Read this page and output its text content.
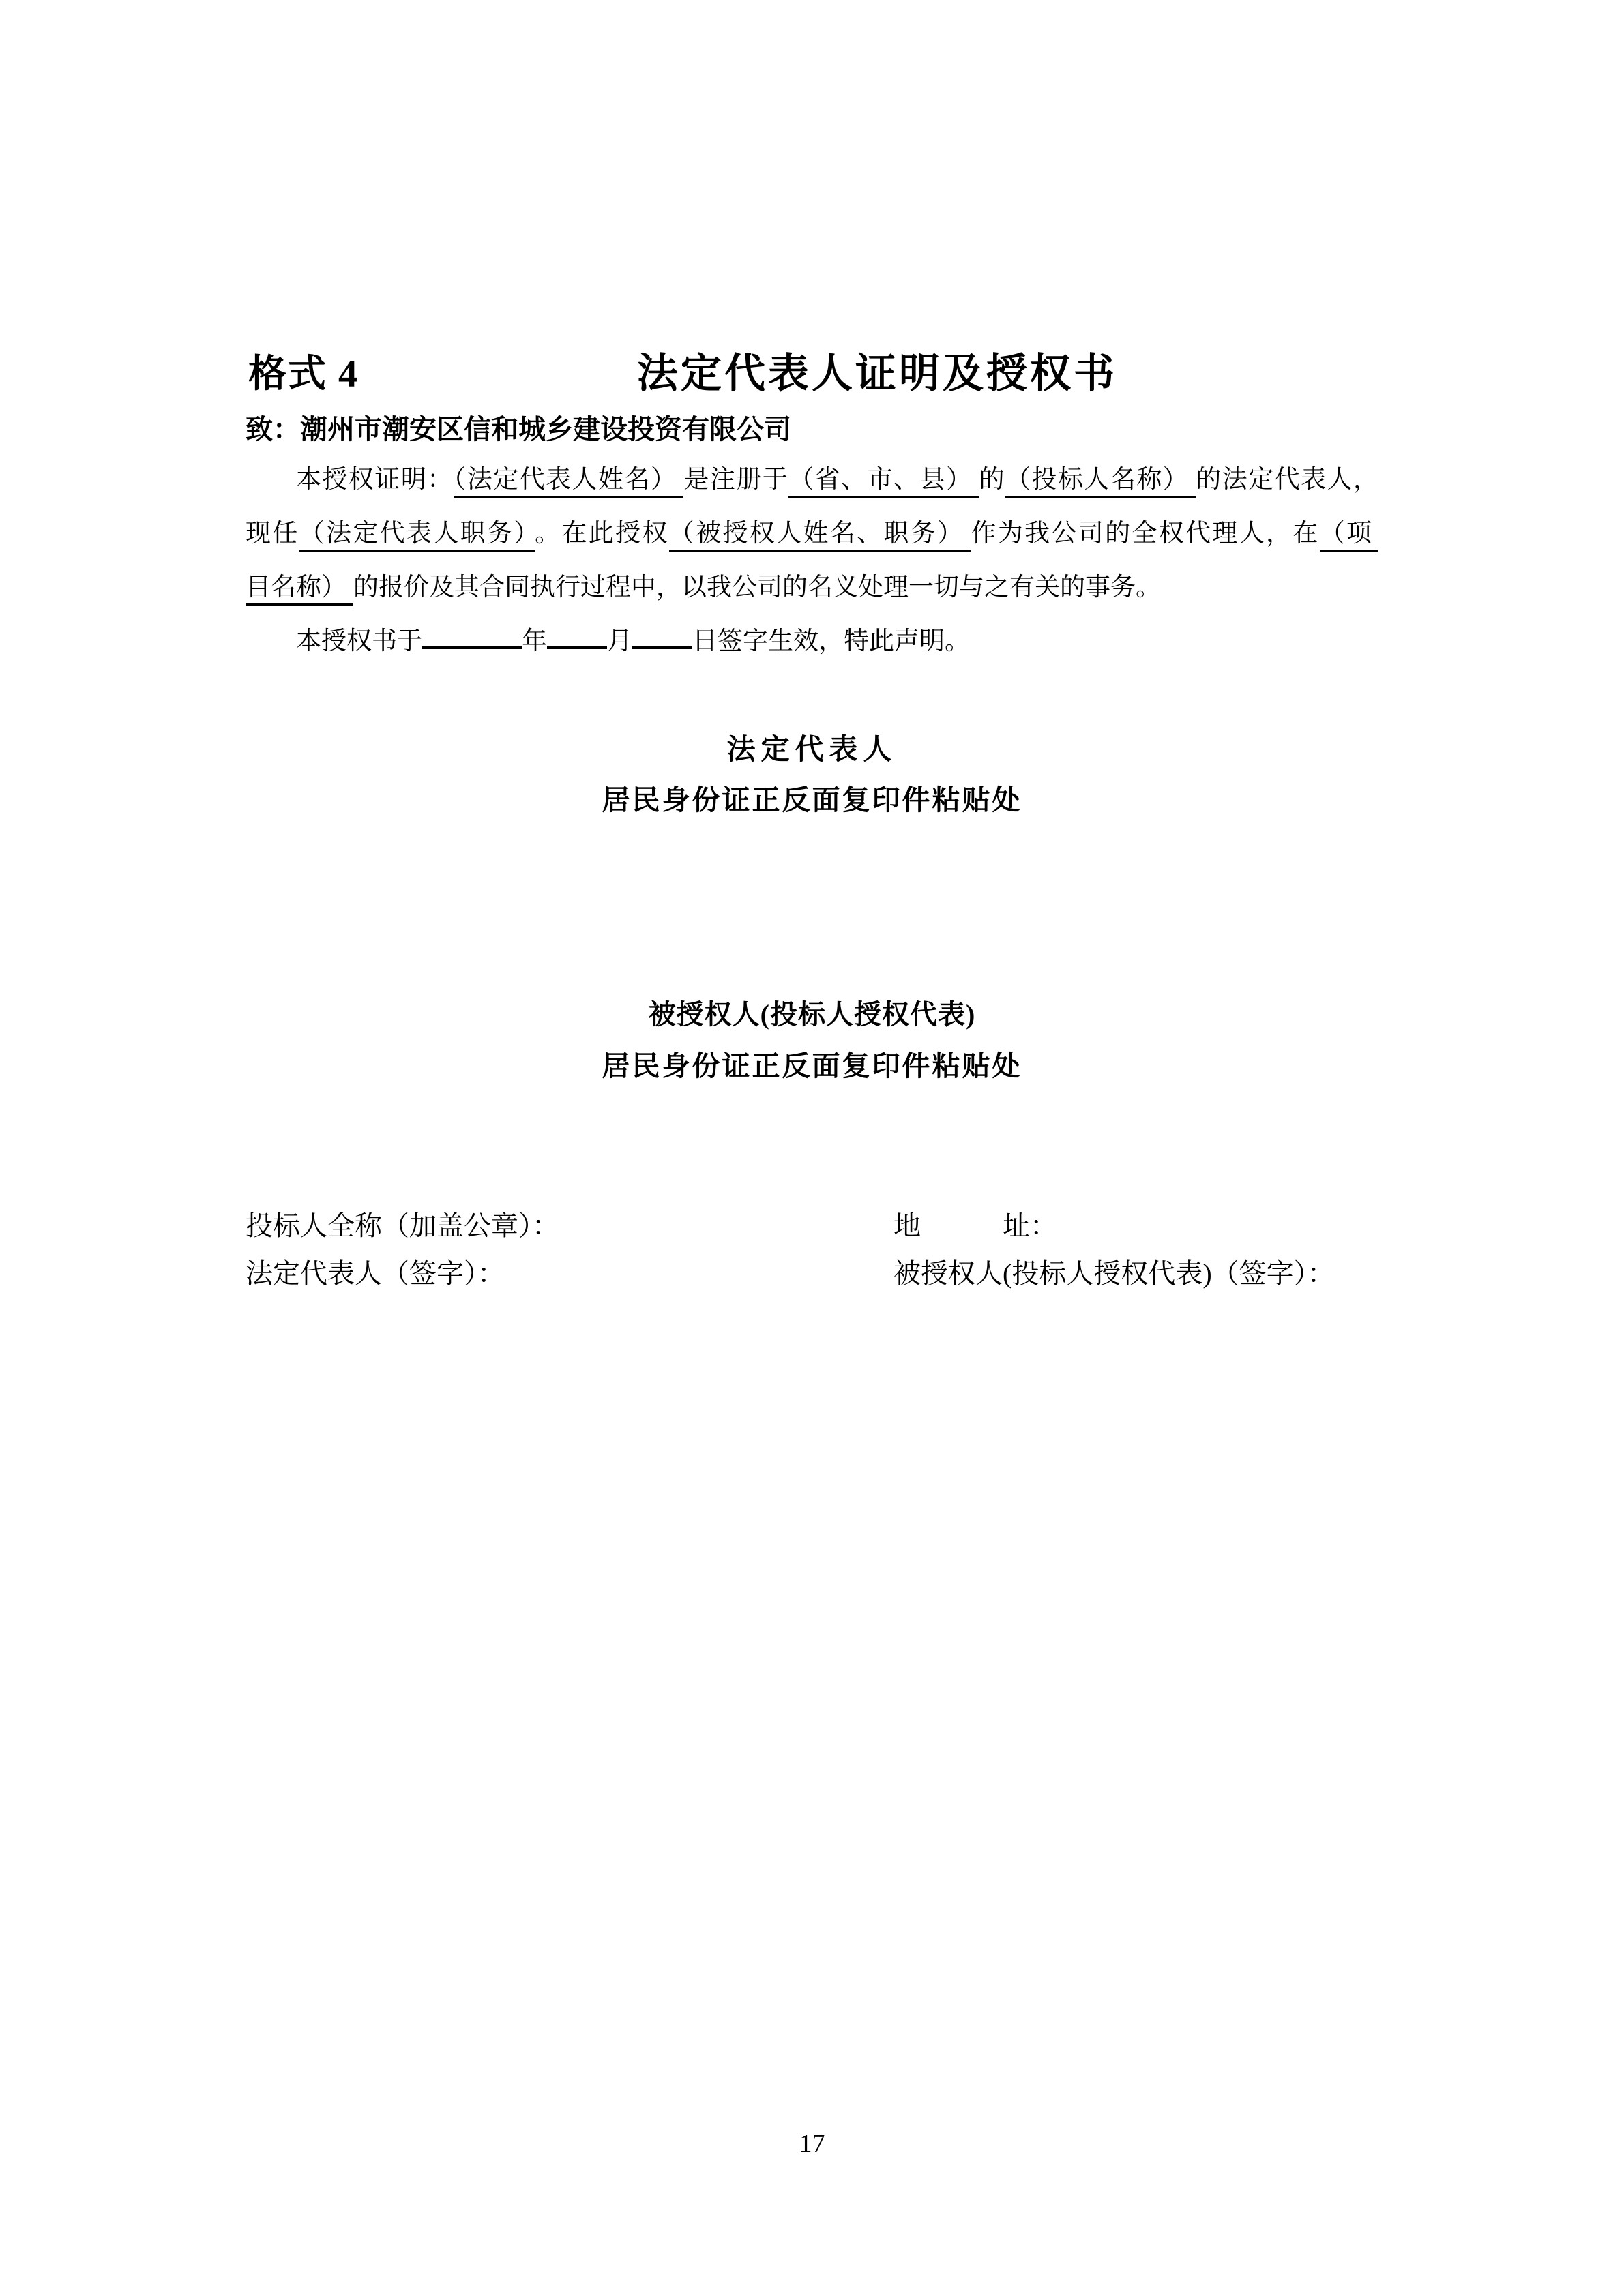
格式 4	法定代表人证明及授权书
致：潮州市潮安区信和城乡建设投资有限公司
本授权证明：（法定代表人姓名） 是注册于（省、市、县） 的（投标人名称） 的法定代表人，
现任（法定代表人职务） 。在此授权（被授权人姓名、职务） 作为我公司的全权代理人，在（项
目名称） 的报价及其合同执行过程中，以我公司的名义处理一切与之有关的事务。
本授权书于	年 月 日签字生效，特此声明。
法定代表人
居民身份证正反面复印件粘贴处
被授权人(投标人授权代表)
居民身份证正反面复印件粘贴处
投标人全称（加盖公章）：	地　　　址：
法定代表人（签字）：	被授权人(投标人授权代表)（签字）：
17
